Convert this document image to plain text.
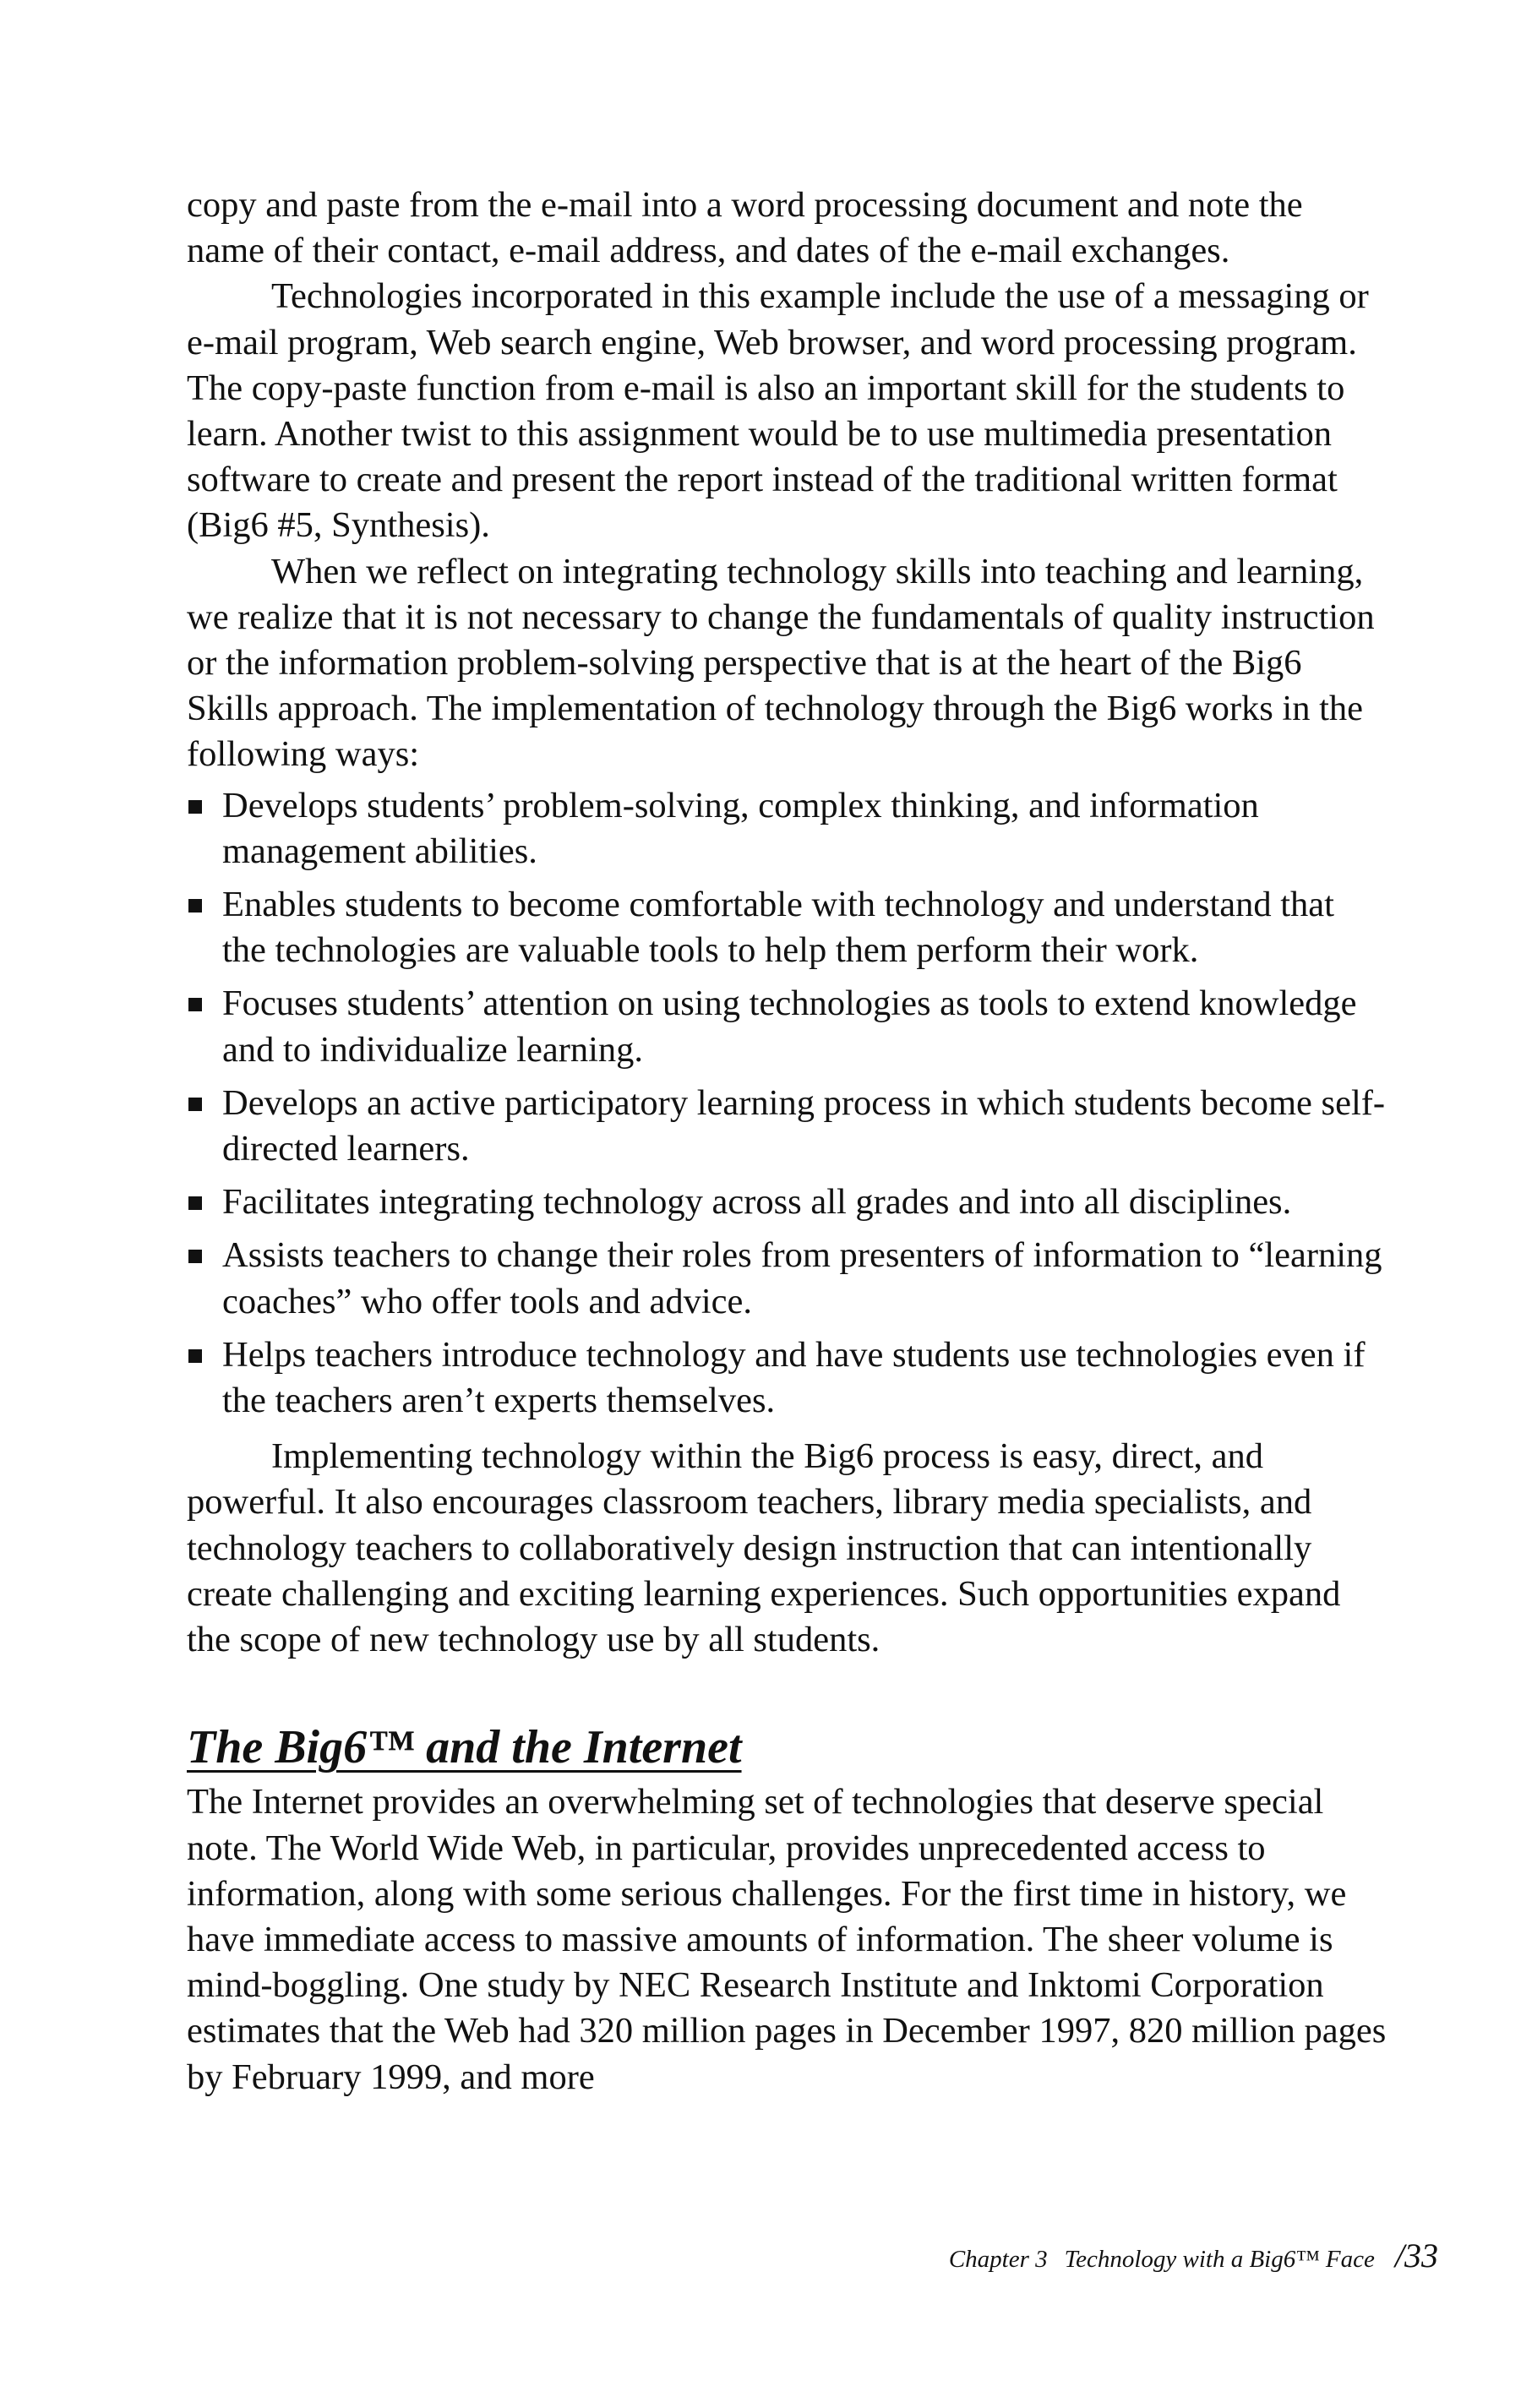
copy and paste from the e-mail into a word processing document and note the name of their contact, e-mail address, and dates of the e-mail exchanges.

Technologies incorporated in this example include the use of a messaging or e-mail program, Web search engine, Web browser, and word processing program. The copy-paste function from e-mail is also an important skill for the students to learn. Another twist to this assignment would be to use multimedia presentation software to create and present the report instead of the traditional written format (Big6 #5, Synthesis).

When we reflect on integrating technology skills into teaching and learning, we realize that it is not necessary to change the fundamentals of quality instruction or the information problem-solving perspective that is at the heart of the Big6 Skills approach. The implementation of technology through the Big6 works in the following ways:

Develops students’ problem-solving, complex thinking, and information management abilities.
Enables students to become comfortable with technology and understand that the technologies are valuable tools to help them perform their work.
Focuses students’ attention on using technologies as tools to extend knowledge and to individualize learning.
Develops an active participatory learning process in which students become self-directed learners.
Facilitates integrating technology across all grades and into all disciplines.
Assists teachers to change their roles from presenters of information to “learning coaches” who offer tools and advice.
Helps teachers introduce technology and have students use technologies even if the teachers aren’t experts themselves.

Implementing technology within the Big6 process is easy, direct, and powerful. It also encourages classroom teachers, library media specialists, and technology teachers to collaboratively design instruction that can intentionally create challenging and exciting learning experiences. Such opportunities expand the scope of new technology use by all students.

The Big6™ and the Internet

The Internet provides an overwhelming set of technologies that deserve special note. The World Wide Web, in particular, provides unprecedented access to information, along with some serious challenges. For the first time in history, we have immediate access to massive amounts of information. The sheer volume is mind-boggling. One study by NEC Research Institute and Inktomi Corporation estimates that the Web had 320 million pages in December 1997, 820 million pages by February 1999, and more

Chapter 3 Technology with a Big6™ Face /33
